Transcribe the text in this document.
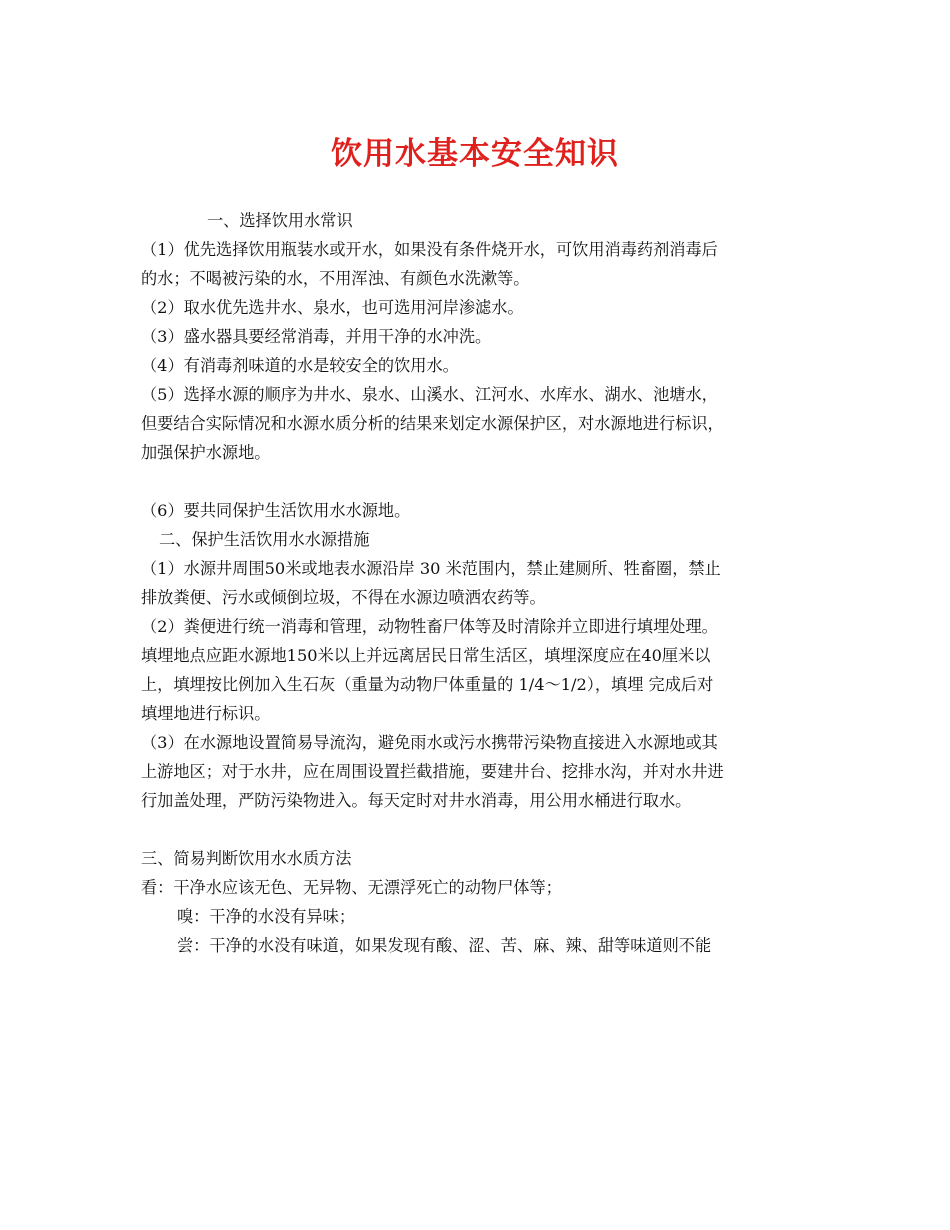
饮用水基本安全知识
一、选择饮用水常识
（1）优先选择饮用瓶装水或开水，如果没有条件烧开水，可饮用消毒药剂消毒后
的水；不喝被污染的水，不用浑浊、有颜色水洗漱等。
（2）取水优先选井水、泉水，也可选用河岸渗滤水。
（3）盛水器具要经常消毒，并用干净的水冲洗。
（4）有消毒剂味道的水是较安全的饮用水。
（5）选择水源的顺序为井水、泉水、山溪水、江河水、水库水、湖水、池塘水，
但要结合实际情况和水源水质分析的结果来划定水源保护区，对水源地进行标识，
加强保护水源地。
（6）要共同保护生活饮用水水源地。
二、保护生活饮用水水源措施
（1）水源井周围50米或地表水源沿岸 30 米范围内，禁止建厕所、牲畜圈，禁止
排放粪便、污水或倾倒垃圾，不得在水源边喷洒农药等。
（2）粪便进行统一消毒和管理，动物牲畜尸体等及时清除并立即进行填埋处理。
填埋地点应距水源地150米以上并远离居民日常生活区，填埋深度应在40厘米以
上，填埋按比例加入生石灰（重量为动物尸体重量的 1/4～1/2），填埋 完成后对
填埋地进行标识。
（3）在水源地设置简易导流沟，避免雨水或污水携带污染物直接进入水源地或其
上游地区；对于水井，应在周围设置拦截措施，要建井台、挖排水沟，并对水井进
行加盖处理，严防污染物进入。每天定时对井水消毒，用公用水桶进行取水。
三、简易判断饮用水水质方法
看：干净水应该无色、无异物、无漂浮死亡的动物尸体等；
嗅：干净的水没有异味；
尝：干净的水没有味道，如果发现有酸、涩、苦、麻、辣、甜等味道则不能
